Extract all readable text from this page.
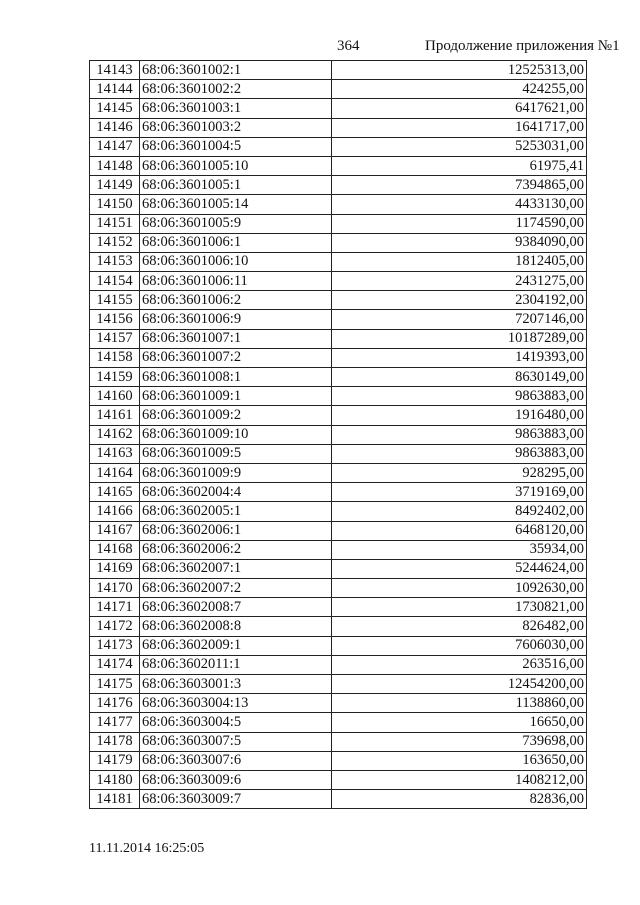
364	Продолжение приложения №1
14143	68:06:3601002:1	12525313,00
14144	68:06:3601002:2	424255,00
14145	68:06:3601003:1	6417621,00
14146	68:06:3601003:2	1641717,00
14147	68:06:3601004:5	5253031,00
14148	68:06:3601005:10	61975,41
14149	68:06:3601005:1	7394865,00
14150	68:06:3601005:14	4433130,00
14151	68:06:3601005:9	1174590,00
14152	68:06:3601006:1	9384090,00
14153	68:06:3601006:10	1812405,00
14154	68:06:3601006:11	2431275,00
14155	68:06:3601006:2	2304192,00
14156	68:06:3601006:9	7207146,00
14157	68:06:3601007:1	10187289,00
14158	68:06:3601007:2	1419393,00
14159	68:06:3601008:1	8630149,00
14160	68:06:3601009:1	9863883,00
14161	68:06:3601009:2	1916480,00
14162	68:06:3601009:10	9863883,00
14163	68:06:3601009:5	9863883,00
14164	68:06:3601009:9	928295,00
14165	68:06:3602004:4	3719169,00
14166	68:06:3602005:1	8492402,00
14167	68:06:3602006:1	6468120,00
14168	68:06:3602006:2	35934,00
14169	68:06:3602007:1	5244624,00
14170	68:06:3602007:2	1092630,00
14171	68:06:3602008:7	1730821,00
14172	68:06:3602008:8	826482,00
14173	68:06:3602009:1	7606030,00
14174	68:06:3602011:1	263516,00
14175	68:06:3603001:3	12454200,00
14176	68:06:3603004:13	1138860,00
14177	68:06:3603004:5	16650,00
14178	68:06:3603007:5	739698,00
14179	68:06:3603007:6	163650,00
14180	68:06:3603009:6	1408212,00
14181	68:06:3603009:7	82836,00
11.11.2014 16:25:05
